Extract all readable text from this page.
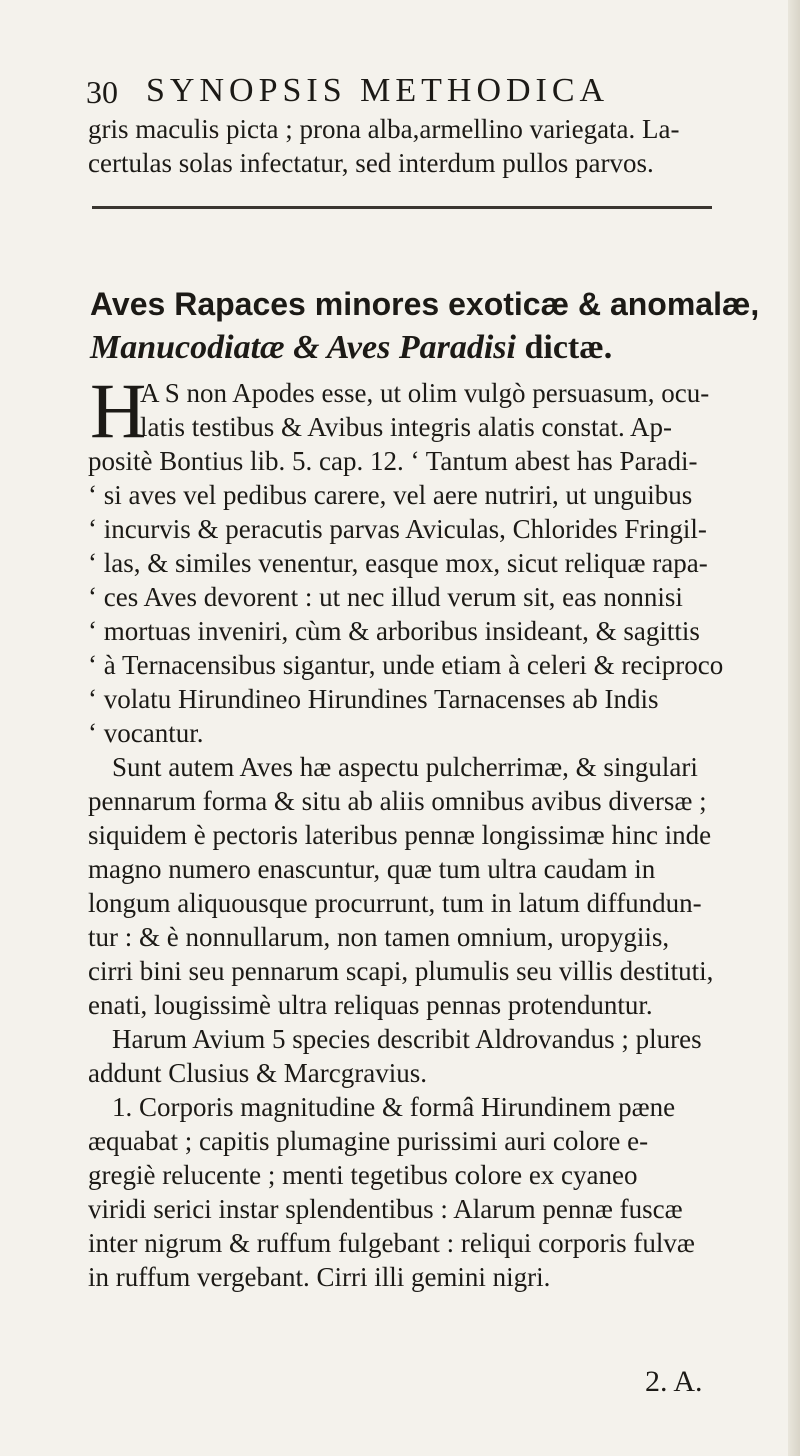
30 SYNOPSIS METHODICA
gris maculis picta ; prona alba,armellino variegata. La-
certulas solas infectatur, sed interdum pullos parvos.
Aves Rapaces minores exoticæ & anomalæ,
Manucodiatæ & Aves Paradisi dictæ.
H
A S non Apodes esse, ut olim vulgò persuasum, ocu-
latis testibus & Avibus integris alatis constat. Ap-
positè Bontius lib. 5. cap. 12. ‘ Tantum abest has Paradi-
‘ si aves vel pedibus carere, vel aere nutriri, ut unguibus
‘ incurvis & peracutis parvas Aviculas, Chlorides Fringil-
‘ las, & similes venentur, easque mox, sicut reliquæ rapa-
‘ ces Aves devorent : ut nec illud verum sit, eas nonnisi
‘ mortuas inveniri, cùm & arboribus insideant, & sagittis
‘ à Ternacensibus sigantur, unde etiam à celeri & reciproco
‘ volatu Hirundineo Hirundines Tarnacenses ab Indis
‘ vocantur.
Sunt autem Aves hæ aspectu pulcherrimæ, & singulari
pennarum forma & situ ab aliis omnibus avibus diversæ ;
siquidem è pectoris lateribus pennæ longissimæ hinc inde
magno numero enascuntur, quæ tum ultra caudam in
longum aliquousque procurrunt, tum in latum diffundun-
tur : & è nonnullarum, non tamen omnium, uropygiis,
cirri bini seu pennarum scapi, plumulis seu villis destituti,
enati, lougissimè ultra reliquas pennas protenduntur.
Harum Avium 5 species describit Aldrovandus ; plures
addunt Clusius & Marcgravius.
1. Corporis magnitudine & formâ Hirundinem pæne
æquabat ; capitis plumagine purissimi auri colore e-
gregiè relucente ; menti tegetibus colore ex cyaneo
viridi serici instar splendentibus : Alarum pennæ fuscæ
inter nigrum & ruffum fulgebant : reliqui corporis fulvæ
in ruffum vergebant. Cirri illi gemini nigri.
2. A.
